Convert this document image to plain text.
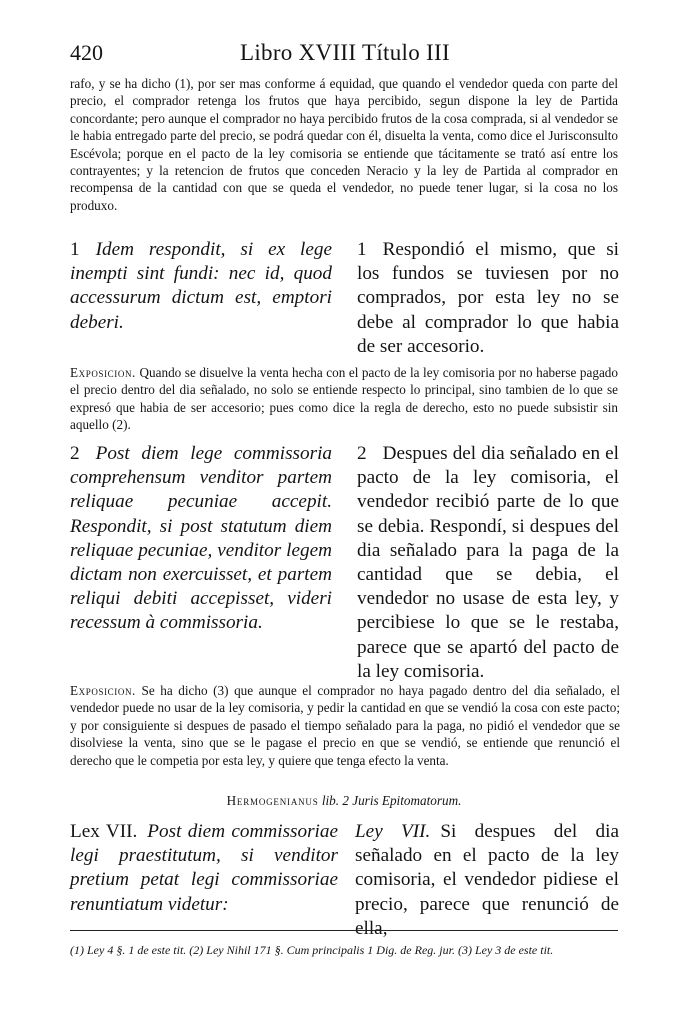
420	Libro XVIII Título III
rafo, y se ha dicho (1), por ser mas conforme á equidad, que quando el vendedor queda con parte del precio, el comprador retenga los frutos que haya percibido, segun dispone la ley de Partida concordante; pero aunque el comprador no haya percibido frutos de la cosa comprada, si al vendedor se le habia entregado parte del precio, se podrá quedar con él, disuelta la venta, como dice el Jurisconsulto Escévola; porque en el pacto de la ley comisoria se entiende que tácitamente se trató así entre los contrayentes; y la retencion de frutos que conceden Neracio y la ley de Partida al comprador en recompensa de la cantidad con que se queda el vendedor, no puede tener lugar, si la cosa no los produxo.
1 Idem respondit, si ex lege inempti sint fundi: nec id, quod accessurum dictum est, emptori deberi.
1 Respondió el mismo, que si los fundos se tuviesen por no comprados, por esta ley no se debe al comprador lo que habia de ser accesorio.
Exposicion. Quando se disuelve la venta hecha con el pacto de la ley comisoria por no haberse pagado el precio dentro del dia señalado, no solo se entiende respecto lo principal, sino tambien de lo que se expresó que habia de ser accesorio; pues como dice la regla de derecho, esto no puede subsistir sin aquello (2).
2 Post diem lege commissoria comprehensum venditor partem reliquae pecuniae accepit. Respondit, si post statutum diem reliquae pecuniae, venditor legem dictam non exercuisset, et partem reliqui debiti accepisset, videri recessum à commissoria.
2 Despues del dia señalado en el pacto de la ley comisoria, el vendedor recibió parte de lo que se debia. Respondí, si despues del dia señalado para la paga de la cantidad que se debia, el vendedor no usase de esta ley, y percibiese lo que se le restaba, parece que se apartó del pacto de la ley comisoria.
Exposicion. Se ha dicho (3) que aunque el comprador no haya pagado dentro del dia señalado, el vendedor puede no usar de la ley comisoria, y pedir la cantidad en que se vendió la cosa con este pacto; y por consiguiente si despues de pasado el tiempo señalado para la paga, no pidió el vendedor que se disolviese la venta, sino que se le pagase el precio en que se vendió, se entiende que renunció el derecho que le competia por esta ley, y quiere que tenga efecto la venta.
Hermogenianus lib. 2 Juris Epitomatorum.
Lex VII. Post diem commissoriae legi praestitutum, si venditor pretium petat legi commissoriae renuntiatum videtur:
Ley VII. Si despues del dia señalado en el pacto de la ley comisoria, el vendedor pidiese el precio, parece que renunció de ella,
(1) Ley 4 §. 1 de este tit. (2) Ley Nihil 171 §. Cum principalis 1 Dig. de Reg. jur. (3) Ley 3 de este tit.
